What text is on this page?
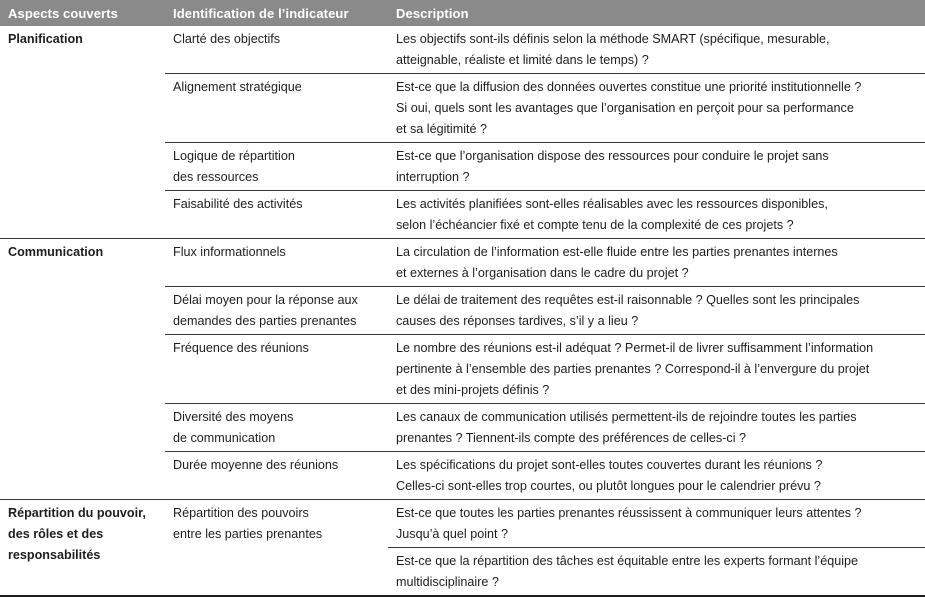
Aspects couverts	Identification de l’indicateur	Description
Planification	Clarté des objectifs	Les objectifs sont-ils définis selon la méthode SMART (spécifique, mesurable,
atteignable, réaliste et limité dans le temps) ?
	Alignement stratégique	Est-ce que la diffusion des données ouvertes constitue une priorité institutionnelle ?
Si oui, quels sont les avantages que l’organisation en perçoit pour sa performance
et sa légitimité ?
	Logique de répartition
des ressources	Est-ce que l’organisation dispose des ressources pour conduire le projet sans
interruption ?
	Faisabilité des activités	Les activités planifiées sont-elles réalisables avec les ressources disponibles,
selon l’échéancier fixé et compte tenu de la complexité de ces projets ?
Communication	Flux informationnels	La circulation de l’information est-elle fluide entre les parties prenantes internes
et externes à l’organisation dans le cadre du projet ?
	Délai moyen pour la réponse aux
demandes des parties prenantes	Le délai de traitement des requêtes est-il raisonnable ? Quelles sont les principales
causes des réponses tardives, s’il y a lieu ?
	Fréquence des réunions	Le nombre des réunions est-il adéquat ? Permet-il de livrer suffisamment l’information
pertinente à l’ensemble des parties prenantes ? Correspond-il à l’envergure du projet
et des mini-projets définis ?
	Diversité des moyens
de communication	Les canaux de communication utilisés permettent-ils de rejoindre toutes les parties
prenantes ? Tiennent-ils compte des préférences de celles-ci ?
	Durée moyenne des réunions	Les spécifications du projet sont-elles toutes couvertes durant les réunions ?
Celles-ci sont-elles trop courtes, ou plutôt longues pour le calendrier prévu ?
Répartition du pouvoir,
des rôles et des
responsabilités	Répartition des pouvoirs
entre les parties prenantes	Est-ce que toutes les parties prenantes réussissent à communiquer leurs attentes ?
Jusqu’à quel point ?
		Est-ce que la répartition des tâches est équitable entre les experts formant l’équipe
multidisciplinaire ?
